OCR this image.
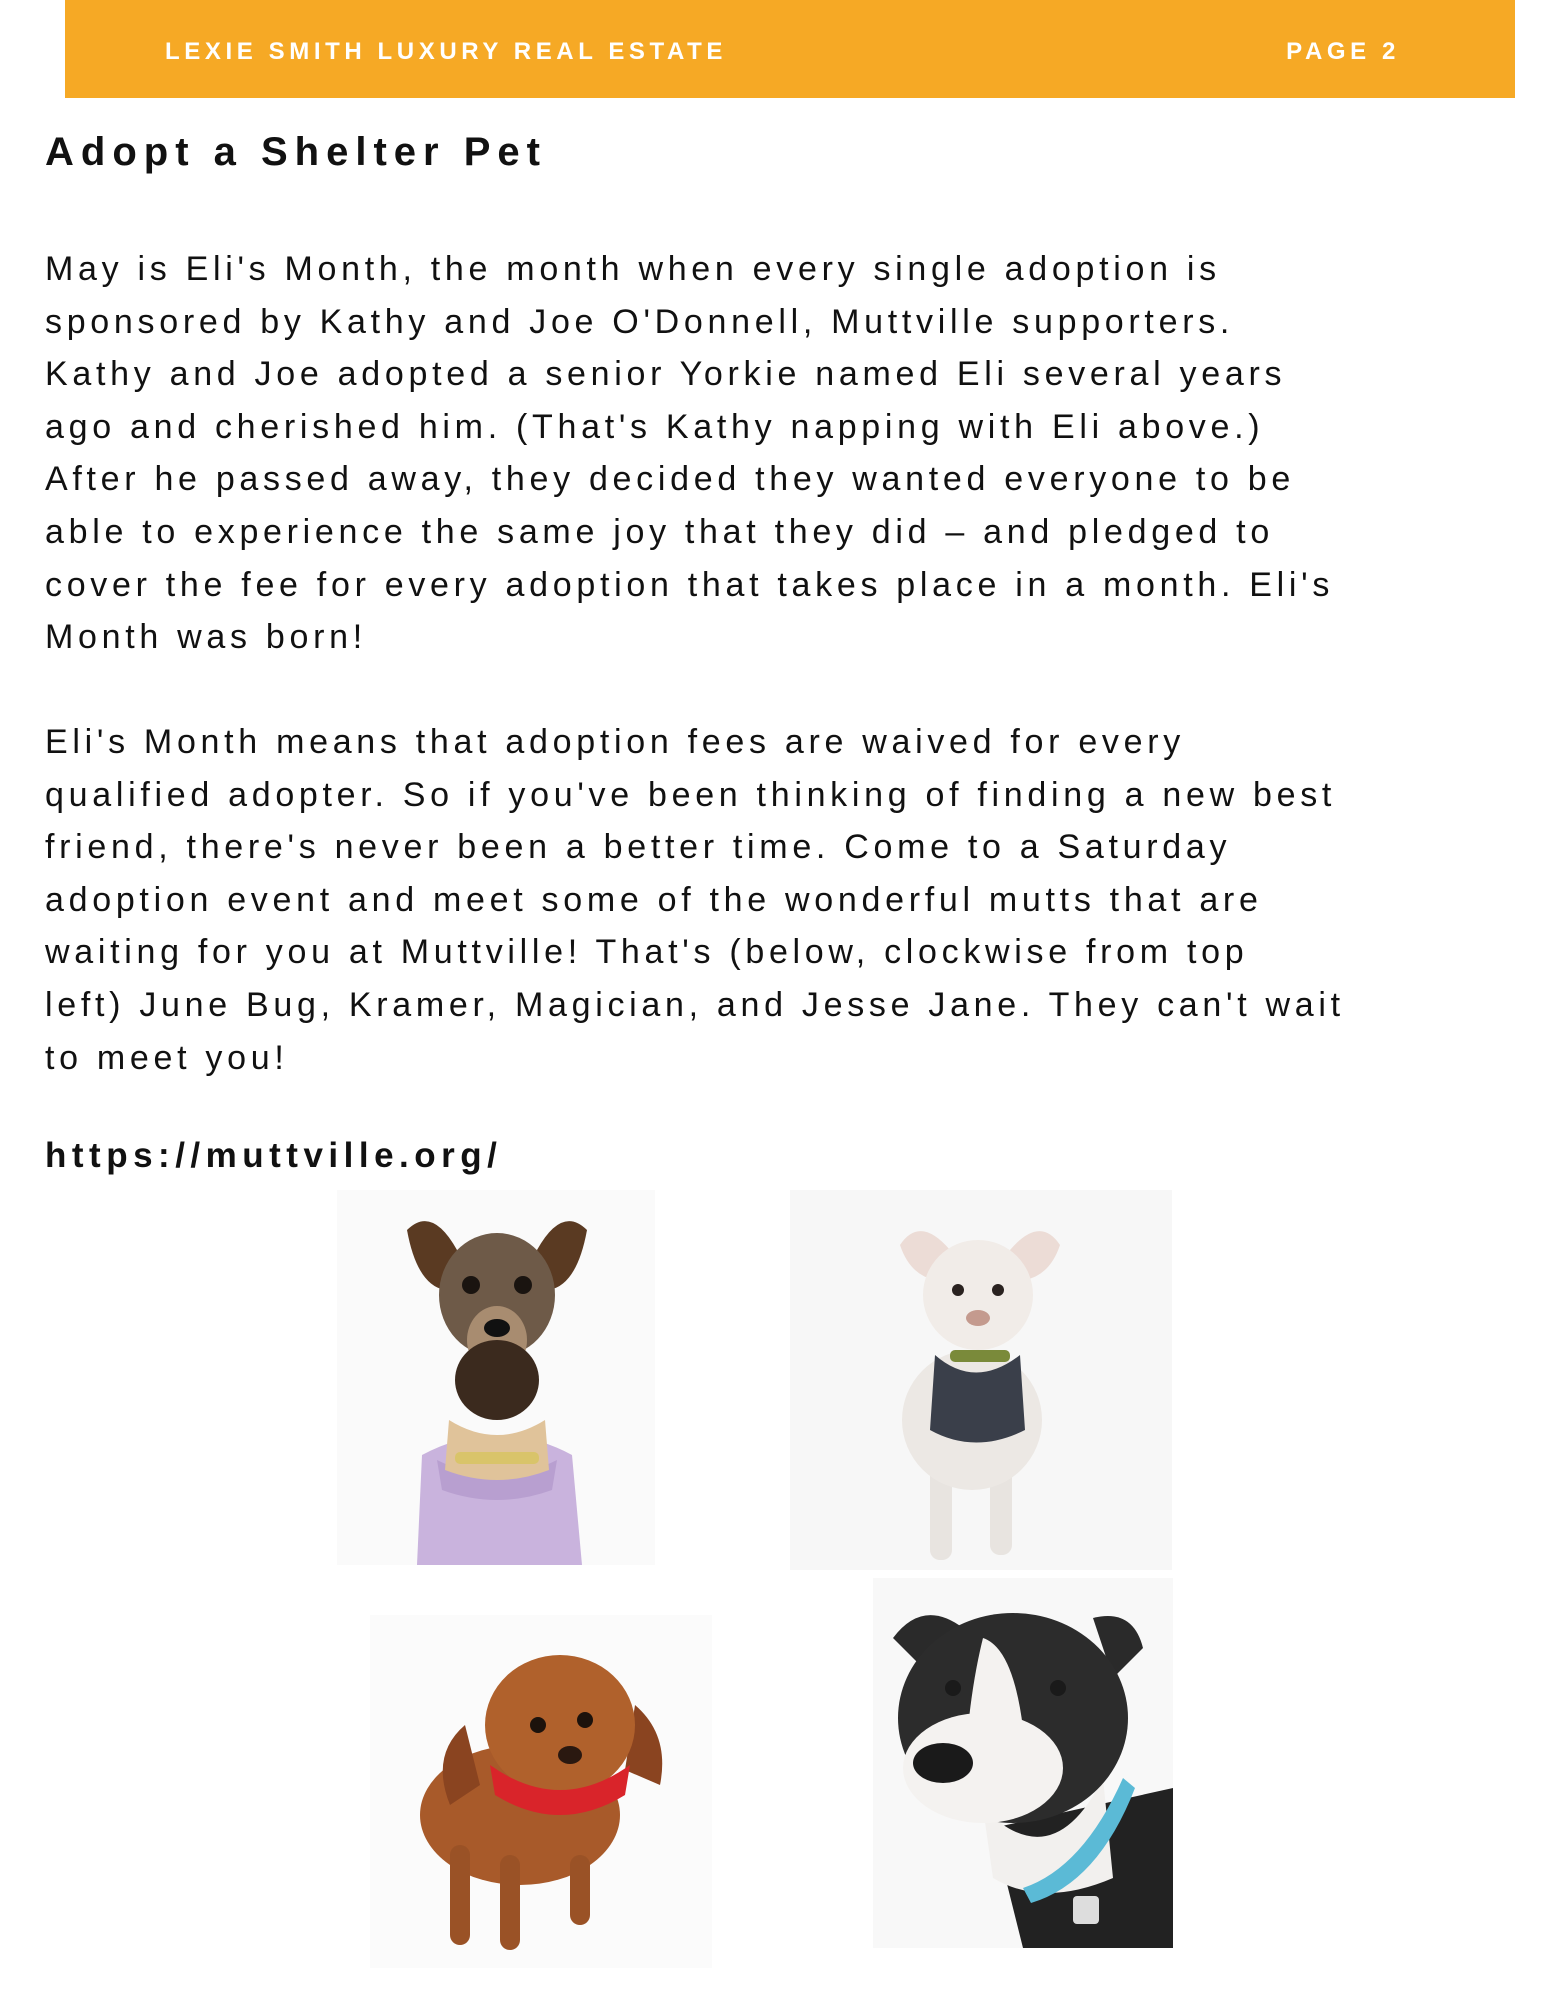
LEXIE SMITH LUXURY REAL ESTATE	PAGE 2
Adopt a Shelter Pet
May is Eli's Month, the month when every single adoption is
sponsored by Kathy and Joe O'Donnell, Muttville supporters.
Kathy and Joe adopted a senior Yorkie named Eli several years
ago and cherished him. (That's Kathy napping with Eli above.)
After he passed away, they decided they wanted everyone to be
able to experience the same joy that they did – and pledged to
cover the fee for every adoption that takes place in a month. Eli's
Month was born!
Eli's Month means that adoption fees are waived for every
qualified adopter. So if you've been thinking of finding a new best
friend, there's never been a better time. Come to a Saturday
adoption event and meet some of the wonderful mutts that are
waiting for you at Muttville! That's (below, clockwise from top
left) June Bug, Kramer, Magician, and Jesse Jane. They can't wait
to meet you!
https://muttville.org/
